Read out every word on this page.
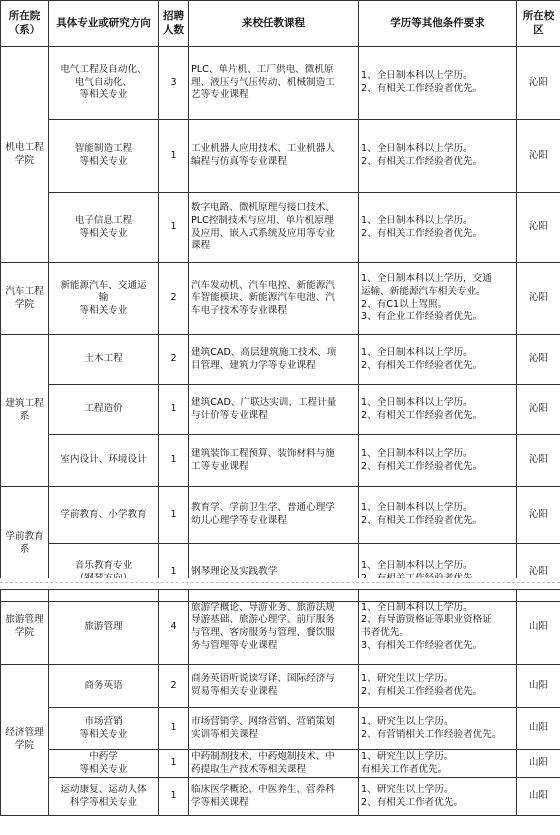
所在院（系）	具体专业或研究方向	招聘人数	来校任教课程	学历等其他条件要求	所在校区
机电工程学院	电气工程及自动化、
电气自动化、
等相关专业	3	PLC、单片机、工厂供电、微机原
理、液压与气压传动、机械制造工
艺等专业课程	1、全日制本科以上学历。
2、有相关工作经验者优先。	沁阳

	智能制造工程
等相关专业	1	工业机器人应用技术、工业机器人
编程与仿真等专业课程	1、全日制本科以上学历。
2、有相关工作经验者优先。	沁阳

	电子信息工程
等相关专业	1	数字电路、微机原理与接口技术、
PLC控制技术与应用、单片机原理
及应用、嵌入式系统及应用等专业
课程	1、全日制本科以上学历。
2、有相关工作经验者优先。	沁阳
汽车工程学院	新能源汽车、交通运
输
等相关专业	2	汽车发动机、汽车电控、新能源汽
车智能模块、新能源汽车电池、汽
车电子技术等专业课程	1、全日制本科以上学历，交通
运输、新能源汽车相关专业。
2、有C1以上驾照。
3、有企业工作经验者优先。	沁阳
建筑工程系	土木工程	2	建筑CAD、高层建筑施工技术、项
目管理、建筑力学等专业课程	1、全日制本科以上学历。
2、有相关工作经验者优先。	沁阳

	工程造价	1	建筑CAD、广联达实训、工程计量
与计价等专业课程	1、全日制本科以上学历。
2、有相关工作经验者优先。	沁阳

	室内设计、环境设计	1	建筑装饰工程预算、装饰材料与施
工等专业课程	1、全日制本科以上学历。
2、有相关工作经验者优先。	沁阳
学前教育系	学前教育、小学教育	1	教育学、学前卫生学、普通心理学
幼儿心理学等专业课程	1、全日制本科以上学历。
2、有相关工作经验者优先。	沁阳

	音乐教育专业	1	钢琴理论及实践教学	1、全日制本科以上学历。	沁阳
旅游管理学院	旅游管理	4	旅游学概论、导游业务、旅游法规
导游基础、旅游心理学、前厅服务
与管理、客房服务与管理、餐饮服
务与管理等专业课程	1、全日制本科以上学历。
2、有导游资格证等职业资格证
书者优先。
3、有相关工作经验者优先。	山阳
经济管理学院	商务英语	2	商务英语听说读写译、国际经济与
贸易等相关专业课程	1、研究生以上学历。
2、有相关工作经验者优先。	山阳

	市场营销
等相关专业	1	市场营销学、网络营销、营销策划
实训等相关课程	1、研究生以上学历。
2、有营销相关工作经验者优先。	山阳

	中药学
等相关专业	1	中药制剂技术、中药炮制技术、中
药提取生产技术等相关课程	1、研究生以上学历。
有相关工作者优先。	山阳

	运动康复、运动人体
科学等相关专业	1	临床医学概论、中医养生、营养科
学等相关课程	1、研究生以上学历。
2、有相关工作者优先。	山阳
